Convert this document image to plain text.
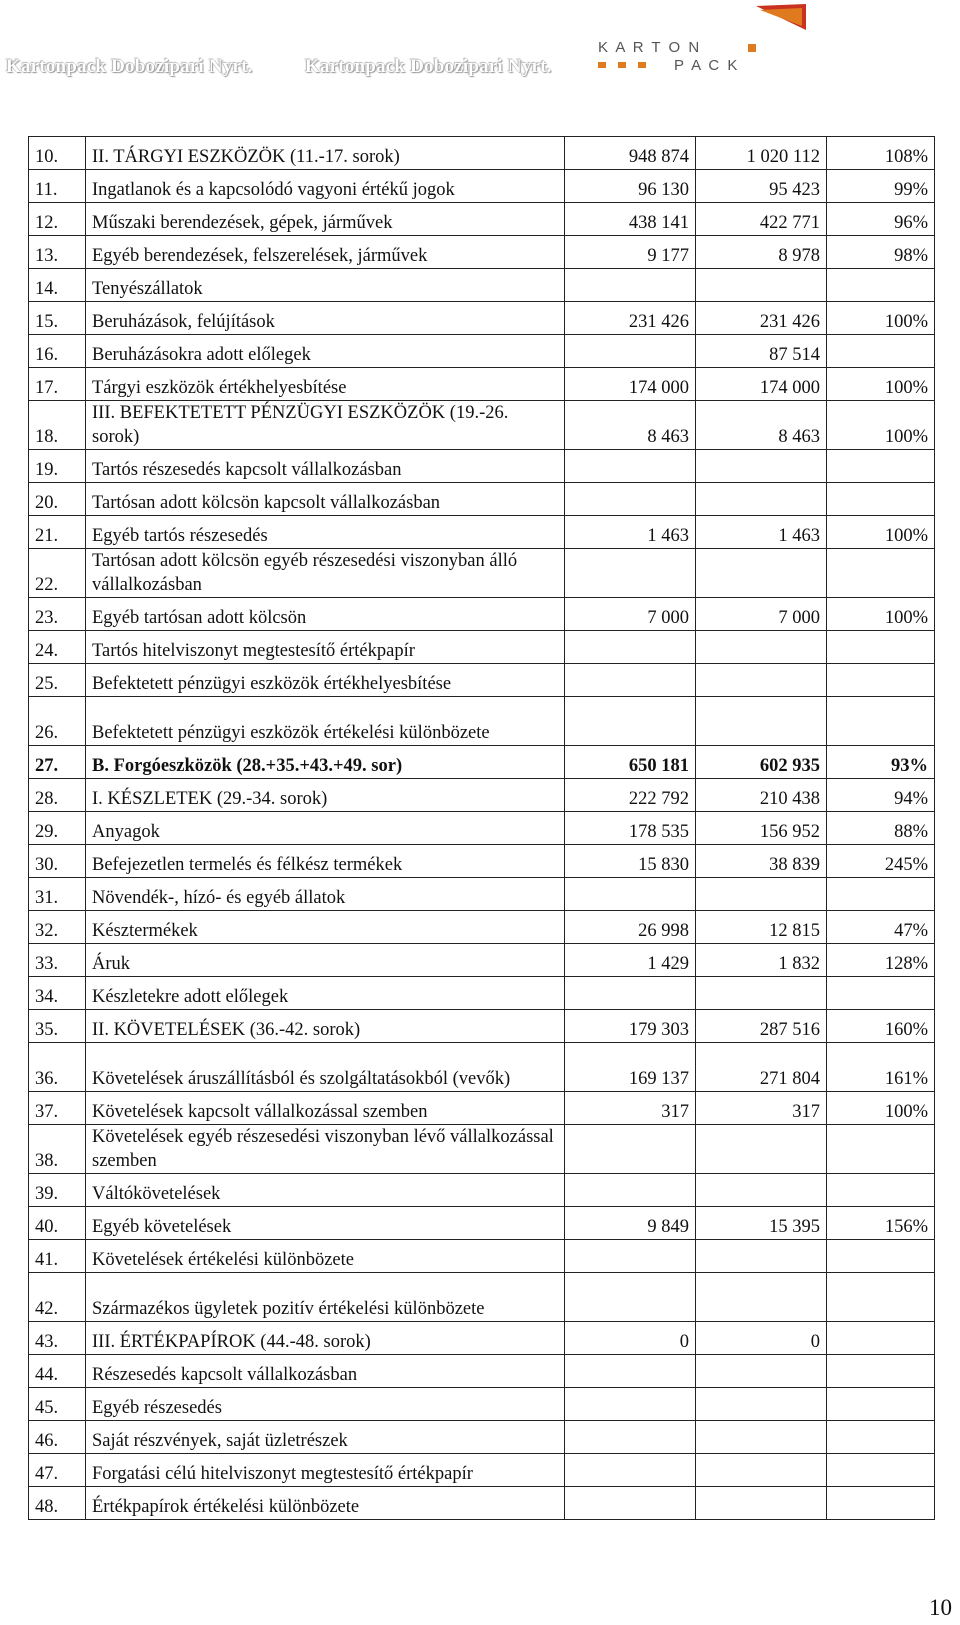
Kartonpack Dobozipari Nyrt.	Kartonpack Dobozipari Nyrt.
K A R T O N
P A C K
10.	II. TÁRGYI ESZKÖZÖK (11.-17. sorok)	948 874	1 020 112	108%
11.	Ingatlanok és a kapcsolódó vagyoni értékű jogok	96 130	95 423	99%
12.	Műszaki berendezések, gépek, járművek	438 141	422 771	96%
13.	Egyéb berendezések, felszerelések, járművek	9 177	8 978	98%
14.	Tenyészállatok			
15.	Beruházások, felújítások	231 426	231 426	100%
16.	Beruházásokra adott előlegek		87 514	
17.	Tárgyi eszközök értékhelyesbítése	174 000	174 000	100%
18.	III. BEFEKTETETT PÉNZÜGYI ESZKÖZÖK (19.-26. sorok)	8 463	8 463	100%
19.	Tartós részesedés kapcsolt vállalkozásban			
20.	Tartósan adott kölcsön kapcsolt vállalkozásban			
21.	Egyéb tartós részesedés	1 463	1 463	100%
22.	Tartósan adott kölcsön egyéb részesedési viszonyban álló vállalkozásban			
23.	Egyéb tartósan adott kölcsön	7 000	7 000	100%
24.	Tartós hitelviszonyt megtestesítő értékpapír			
25.	Befektetett pénzügyi eszközök értékhelyesbítése			
26.	Befektetett pénzügyi eszközök értékelési különbözete			
27.	B. Forgóeszközök (28.+35.+43.+49. sor)	650 181	602 935	93%
28.	I. KÉSZLETEK (29.-34. sorok)	222 792	210 438	94%
29.	Anyagok	178 535	156 952	88%
30.	Befejezetlen termelés és félkész termékek	15 830	38 839	245%
31.	Növendék-, hízó- és egyéb állatok			
32.	Késztermékek	26 998	12 815	47%
33.	Áruk	1 429	1 832	128%
34.	Készletekre adott előlegek			
35.	II. KÖVETELÉSEK (36.-42. sorok)	179 303	287 516	160%
36.	Követelések áruszállításból és szolgáltatásokból (vevők)	169 137	271 804	161%
37.	Követelések kapcsolt vállalkozással szemben	317	317	100%
38.	Követelések egyéb részesedési viszonyban lévő vállalkozással szemben			
39.	Váltókövetelések			
40.	Egyéb követelések	9 849	15 395	156%
41.	Követelések értékelési különbözete			
42.	Származékos ügyletek pozitív értékelési különbözete			
43.	III. ÉRTÉKPAPÍROK (44.-48. sorok)	0	0	
44.	Részesedés kapcsolt vállalkozásban			
45.	Egyéb részesedés			
46.	Saját részvények, saját üzletrészek			
47.	Forgatási célú hitelviszonyt megtestesítő értékpapír			
48.	Értékpapírok értékelési különbözete			
10
